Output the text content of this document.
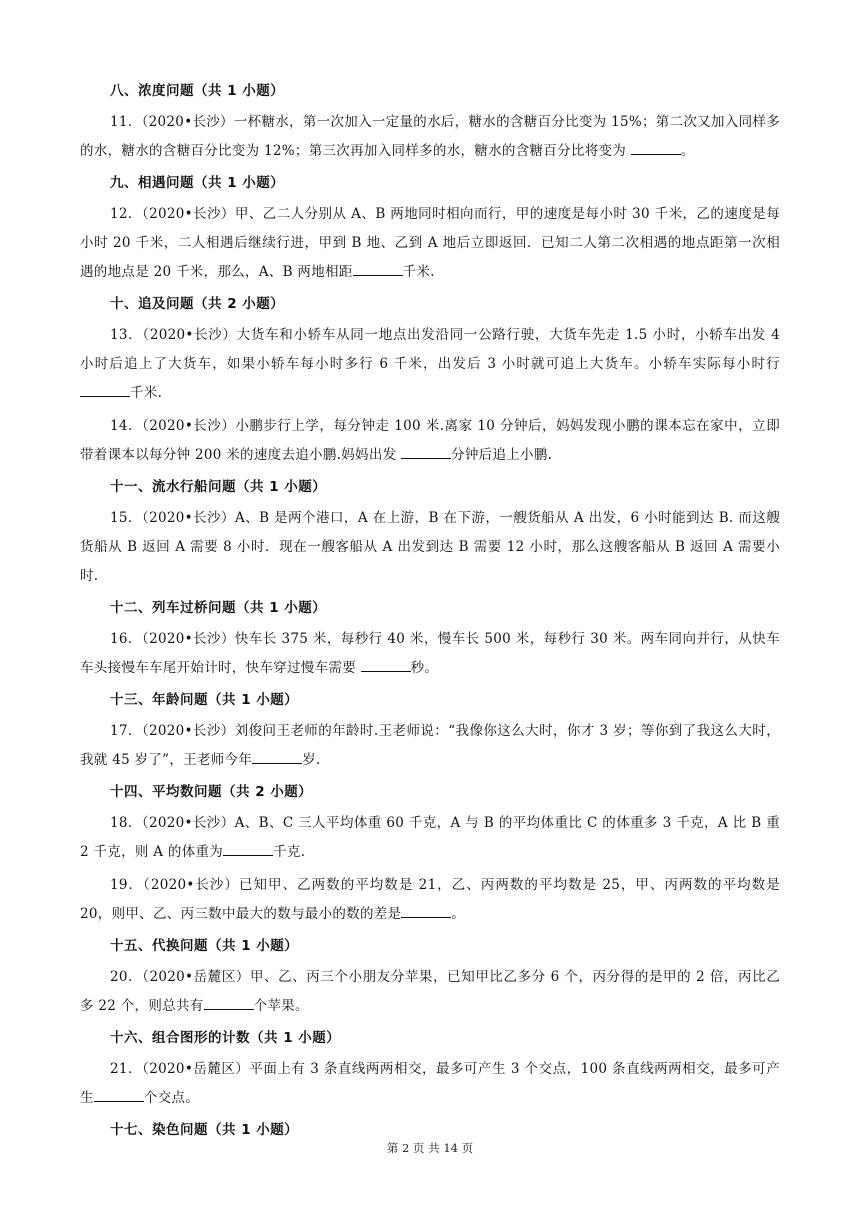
八、浓度问题（共 1 小题）

11．（2020•长沙）一杯糖水，第一次加入一定量的水后，糖水的含糖百分比变为 15%；第二次又加入同样多的水，糖水的含糖百分比变为 12%；第三次再加入同样多的水，糖水的含糖百分比将变为	。

九、相遇问题（共 1 小题）

12．（2020•长沙）甲、乙二人分别从 A、B 两地同时相向而行，甲的速度是每小时 30 千米，乙的速度是每小时 20 千米，二人相遇后继续行进，甲到 B 地、乙到 A 地后立即返回．已知二人第二次相遇的地点距第一次相遇的地点是 20 千米，那么，A、B 两地相距	千米.

十、追及问题（共 2 小题）

13．（2020•长沙）大货车和小轿车从同一地点出发沿同一公路行驶，大货车先走 1.5 小时，小轿车出发 4 小时后追上了大货车，如果小轿车每小时多行 6 千米，出发后 3 小时就可追上大货车。小轿车实际每小时行千米.

14．（2020•长沙）小鹏步行上学，每分钟走 100 米.离家 10 分钟后，妈妈发现小鹏的课本忘在家中，立即带着课本以每分钟 200 米的速度去追小鹏.妈妈出发	分钟后追上小鹏.

十一、流水行船问题（共 1 小题）

15．（2020•长沙）A、B 是两个港口，A 在上游，B 在下游，一艘货船从 A 出发，6 小时能到达 B. 而这艘货船从 B 返回 A 需要 8 小时．现在一艘客船从 A 出发到达 B 需要 12 小时，那么这艘客船从 B 返回 A 需要小时.

十二、列车过桥问题（共 1 小题）

16．（2020•长沙）快车长 375 米，每秒行 40 米，慢车长 500 米，每秒行 30 米。两车同向并行，从快车车头接慢车车尾开始计时，快车穿过慢车需要	秒。

十三、年龄问题（共 1 小题）

17．（2020•长沙）刘俊问王老师的年龄时.王老师说：“我像你这么大时，你才 3 岁；等你到了我这么大时，我就 45 岁了”，王老师今年	岁.

十四、平均数问题（共 2 小题）

18．（2020•长沙）A、B、C 三人平均体重 60 千克，A 与 B 的平均体重比 C 的体重多 3 千克，A 比 B 重 2 千克，则 A 的体重为	千克.

19．（2020•长沙）已知甲、乙两数的平均数是 21，乙、丙两数的平均数是 25，甲、丙两数的平均数是 20，则甲、乙、丙三数中最大的数与最小的数的差是	。

十五、代换问题（共 1 小题）

20．（2020•岳麓区）甲、乙、丙三个小朋友分苹果，已知甲比乙多分 6 个，丙分得的是甲的 2 倍，丙比乙多 22 个，则总共有	个苹果。

十六、组合图形的计数（共 1 小题）

21．（2020•岳麓区）平面上有 3 条直线两两相交，最多可产生 3 个交点，100 条直线两两相交，最多可产生	个交点。

十七、染色问题（共 1 小题）
第 2 页 共 14 页
